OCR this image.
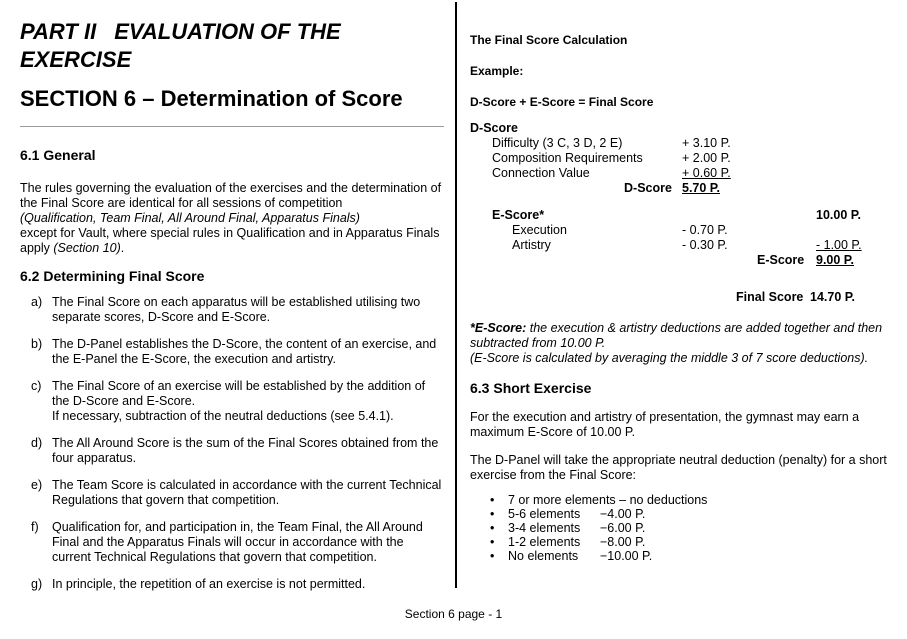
PART II EVALUATION OF THE EXERCISE
SECTION 6 – Determination of Score
6.1 General

The rules governing the evaluation of the exercises and the determination of the Final Score are identical for all sessions of competition
(Qualification, Team Final, All Around Final, Apparatus Finals)
except for Vault, where special rules in Qualification and in Apparatus Finals apply (Section 10).

6.2 Determining Final Score
a) The Final Score on each apparatus will be established utilising two separate scores, D-Score and E-Score.
b) The D-Panel establishes the D-Score, the content of an exercise, and the E-Panel the E-Score, the execution and artistry.
c) The Final Score of an exercise will be established by the addition of the D-Score and E-Score.
If necessary, subtraction of the neutral deductions (see 5.4.1).
d) The All Around Score is the sum of the Final Scores obtained from the four apparatus.
e) The Team Score is calculated in accordance with the current Technical Regulations that govern that competition.
f)	Qualification for, and participation in, the Team Final, the All Around Final and the Apparatus Finals will occur in accordance with the current Technical Regulations that govern that competition.
g) In principle, the repetition of an exercise is not permitted.
The Final Score Calculation
Example:
D-Score + E-Score = Final Score
D-Score
Difficulty (3 C, 3 D, 2 E)	+ 3.10 P.
Composition Requirements	+ 2.00 P.
Connection Value	+ 0.60 P.
D-Score 5.70 P.
E-Score*	10.00 P.
Execution	- 0.70 P.
Artistry	- 0.30 P.	- 1.00 P.
E-Score 9.00 P.
Final Score 14.70 P.

*E-Score: the execution & artistry deductions are added together and then subtracted from 10.00 P.
(E-Score is calculated by averaging the middle 3 of 7 score deductions).

6.3 Short Exercise

For the execution and artistry of presentation, the gymnast may earn a maximum E-Score of 10.00 P.

The D-Panel will take the appropriate neutral deduction (penalty) for a short exercise from the Final Score:

• 7 or more elements – no deductions
• 5-6 elements −4.00 P.
• 3-4 elements −6.00 P.
• 1-2 elements −8.00 P.
• No elements −10.00 P.
Section 6 page - 1
